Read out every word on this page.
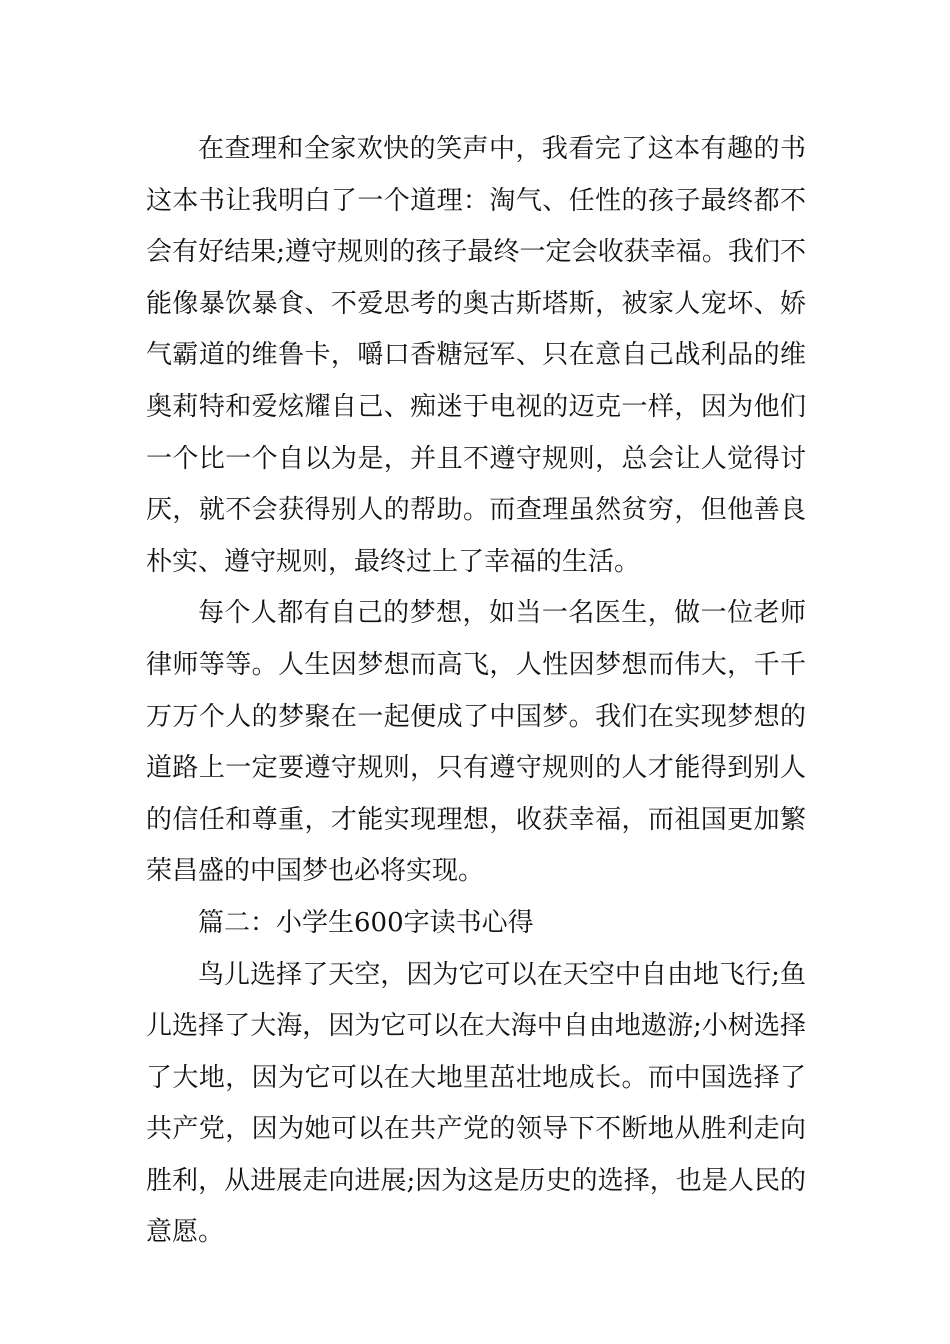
在查理和全家欢快的笑声中，我看完了这本有趣的书
这本书让我明白了一个道理：淘气、任性的孩子最终都不
会有好结果;遵守规则的孩子最终一定会收获幸福。我们不
能像暴饮暴食、不爱思考的奥古斯塔斯，被家人宠坏、娇
气霸道的维鲁卡，嚼口香糖冠军、只在意自己战利品的维
奥莉特和爱炫耀自己、痴迷于电视的迈克一样，因为他们
一个比一个自以为是，并且不遵守规则，总会让人觉得讨
厌，就不会获得别人的帮助。而查理虽然贫穷，但他善良
朴实、遵守规则，最终过上了幸福的生活。
每个人都有自己的梦想，如当一名医生，做一位老师
律师等等。人生因梦想而高飞，人性因梦想而伟大，千千
万万个人的梦聚在一起便成了中国梦。我们在实现梦想的
道路上一定要遵守规则，只有遵守规则的人才能得到别人
的信任和尊重，才能实现理想，收获幸福，而祖国更加繁
荣昌盛的中国梦也必将实现。
篇二：小学生600字读书心得
鸟儿选择了天空，因为它可以在天空中自由地飞行;鱼
儿选择了大海，因为它可以在大海中自由地遨游;小树选择
了大地，因为它可以在大地里茁壮地成长。而中国选择了
共产党，因为她可以在共产党的领导下不断地从胜利走向
胜利，从进展走向进展;因为这是历史的选择，也是人民的
意愿。
